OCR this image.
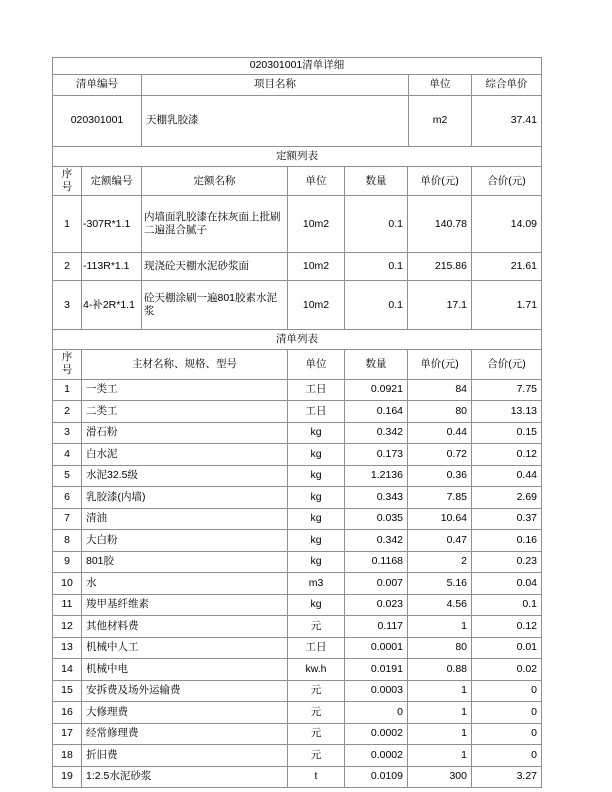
020301001清单详细			
清单编号	项目名称	单位	综合单价
020301001	天棚乳胶漆	m2	37.41
定额列表						
序号	定额编号	定额名称	单位	数量	单价(元)	合价(元)
1	-307R*1.1	内墙面乳胶漆在抹灰面上批刷二遍混合腻子	10m2	0.1	140.78	14.09
2	-113R*1.1	现浇砼天棚水泥砂浆面	10m2	0.1	215.86	21.61
3	4-补2R*1.1	砼天棚涂刷一遍801胶素水泥浆	10m2	0.1	17.1	1.71
清单列表					
序号	主材名称、规格、型号	单位	数量	单价(元)	合价(元)
1	一类工	工日	0.0921	84	7.75
2	二类工	工日	0.164	80	13.13
3	滑石粉	kg	0.342	0.44	0.15
4	白水泥	kg	0.173	0.72	0.12
5	水泥32.5级	kg	1.2136	0.36	0.44
6	乳胶漆(内墙)	kg	0.343	7.85	2.69
7	清油	kg	0.035	10.64	0.37
8	大白粉	kg	0.342	0.47	0.16
9	801胶	kg	0.1168	2	0.23
10	水	m3	0.007	5.16	0.04
11	羧甲基纤维素	kg	0.023	4.56	0.1
12	其他材料费	元	0.117	1	0.12
13	机械中人工	工日	0.0001	80	0.01
14	机械中电	kw.h	0.0191	0.88	0.02
15	安拆费及场外运输费	元	0.0003	1	0
16	大修理费	元	0	1	0
17	经常修理费	元	0.0002	1	0
18	折旧费	元	0.0002	1	0
19	1:2.5水泥砂浆	t	0.0109	300	3.27
